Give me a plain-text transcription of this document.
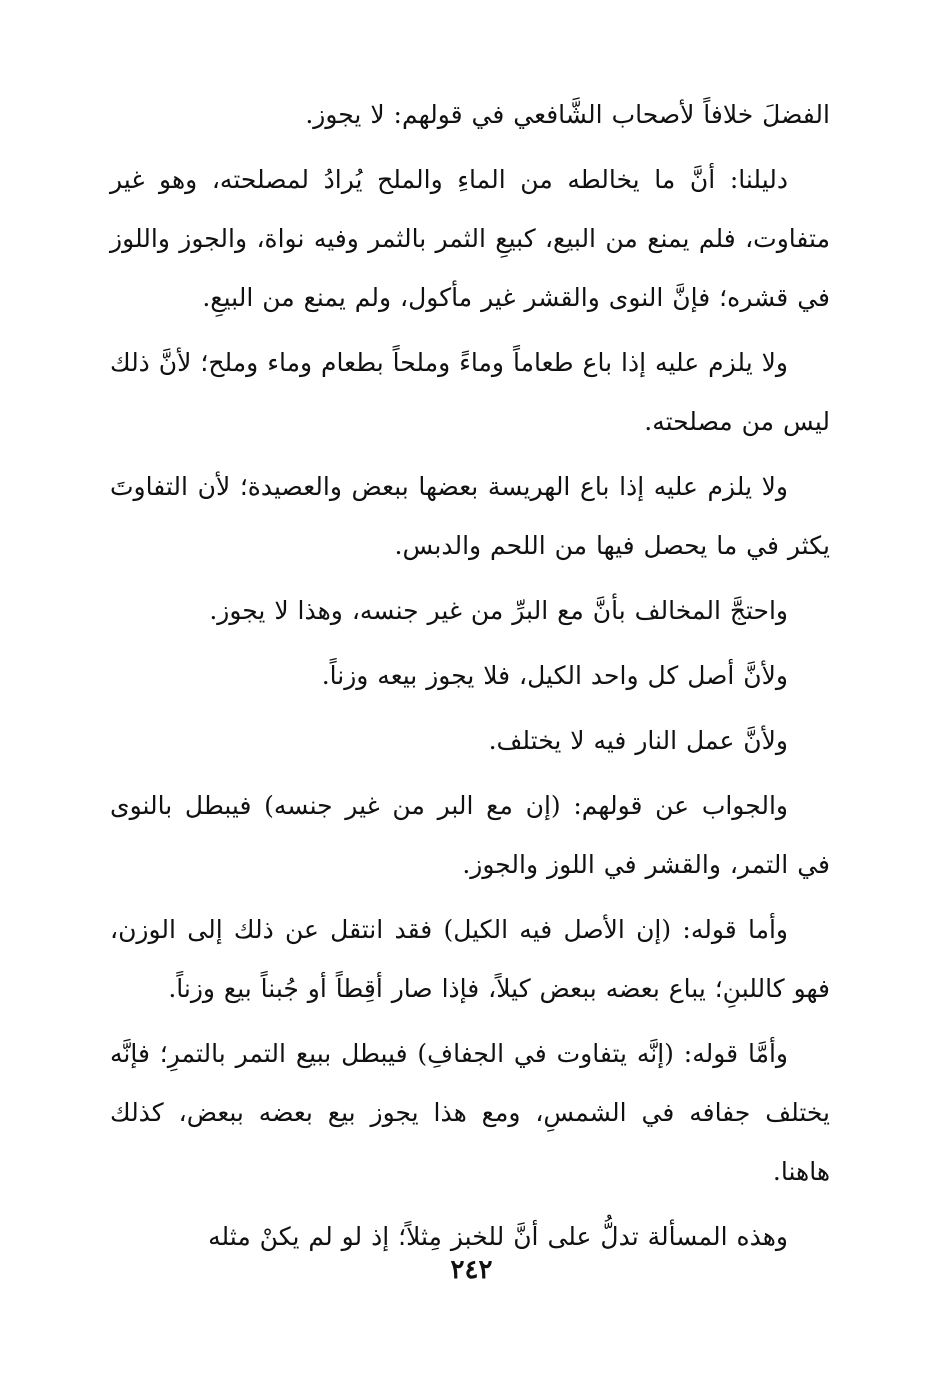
الفضلَ خلافاً لأصحاب الشَّافعي في قولهم: لا يجوز.

دليلنا: أنَّ ما يخالطه من الماءِ والملح يُرادُ لمصلحته، وهو غير متفاوت، فلم يمنع من البيع، كبيعِ الثمر بالثمر وفيه نواة، والجوز واللوز في قشره؛ فإنَّ النوى والقشر غير مأكول، ولم يمنع من البيعِ.

ولا يلزم عليه إذا باع طعاماً وماءً وملحاً بطعام وماء وملح؛ لأنَّ ذلك ليس من مصلحته.

ولا يلزم عليه إذا باع الهريسة بعضها ببعض والعصيدة؛ لأن التفاوتَ يكثر في ما يحصل فيها من اللحم والدبس.

واحتجَّ المخالف بأنَّ مع البرِّ من غير جنسه، وهذا لا يجوز.

ولأنَّ أصل كل واحد الكيل، فلا يجوز بيعه وزناً.

ولأنَّ عمل النار فيه لا يختلف.

والجواب عن قولهم: (إن مع البر من غير جنسه) فيبطل بالنوى في التمر، والقشر في اللوز والجوز.

وأما قوله: (إن الأصل فيه الكيل) فقد انتقل عن ذلك إلى الوزن، فهو كاللبنِ؛ يباع بعضه ببعض كيلاً، فإذا صار أقِطاً أو جُبناً بيع وزناً.

وأمَّا قوله: (إنَّه يتفاوت في الجفافِ) فيبطل ببيع التمر بالتمرِ؛ فإنَّه يختلف جفافه في الشمسِ، ومع هذا يجوز بيع بعضه ببعض، كذلك هاهنا.

وهذه المسألة تدلُّ على أنَّ للخبز مِثلاً؛ إذ لو لم يكنْ مثله

٢٤٢
